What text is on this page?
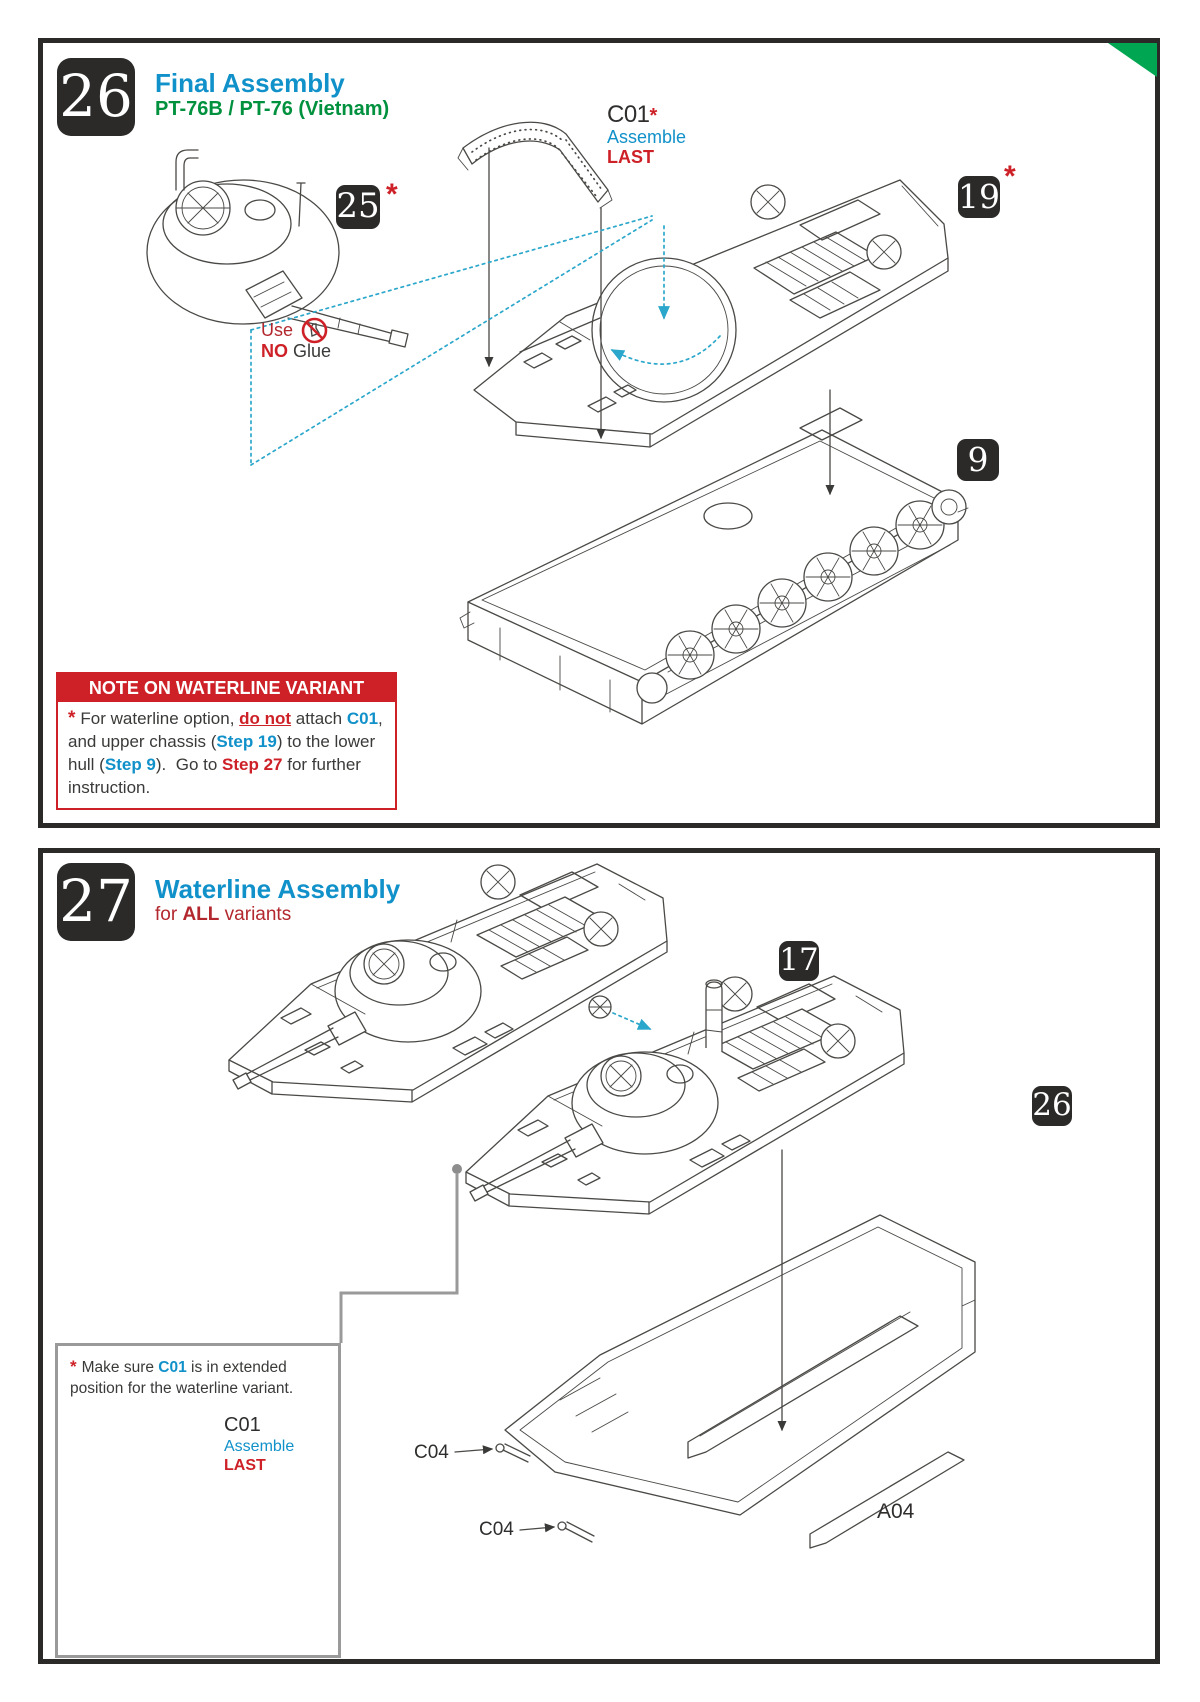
26 Final Assembly
PT-76B / PT-76 (Vietnam)	C01*
Assemble
LAST
25 *
Use

NO Glue
19
*
9
NOTE ON WATERLINE VARIANT
* For waterline option, do not attach C01, and upper chassis (Step 19) to the lower hull (Step 9).  Go to Step 27 for further instruction.
27 Waterline Assembly
for ALL variants
17
26
A04
C04
C04
* Make sure C01 is in extended position for the waterline variant.
C01
Assemble
LAST
